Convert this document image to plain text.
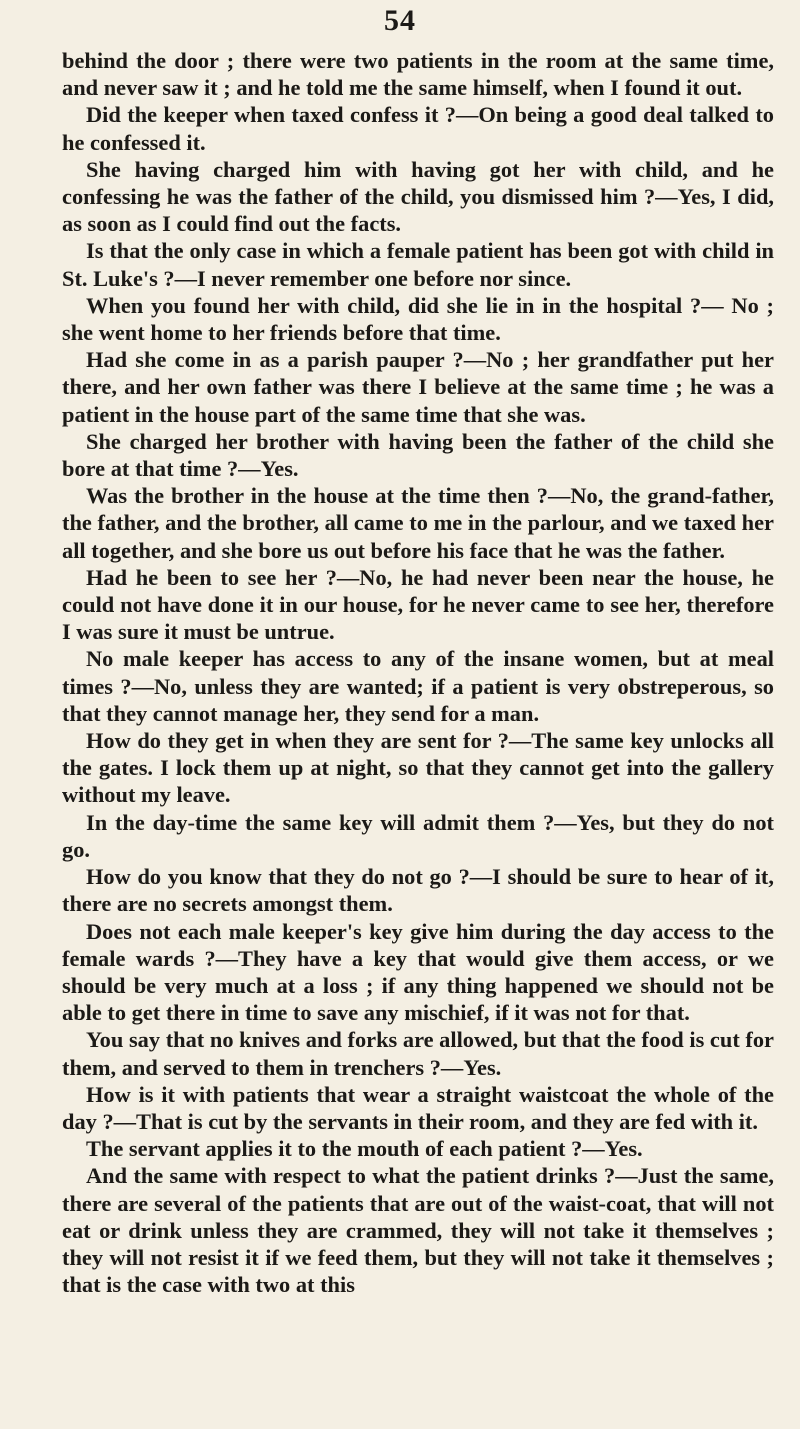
54

behind the door ; there were two patients in the room at the same time, and never saw it ; and he told me the same himself, when I found it out.

Did the keeper when taxed confess it ?—On being a good deal talked to he confessed it.

She having charged him with having got her with child, and he confessing he was the father of the child, you dismissed him ?—Yes, I did, as soon as I could find out the facts.

Is that the only case in which a female patient has been got with child in St. Luke's ?—I never remember one before nor since.

When you found her with child, did she lie in in the hospital ?— No ; she went home to her friends before that time.

Had she come in as a parish pauper ?—No ; her grandfather put her there, and her own father was there I believe at the same time ; he was a patient in the house part of the same time that she was.

She charged her brother with having been the father of the child she bore at that time ?—Yes.

Was the brother in the house at the time then ?—No, the grand-father, the father, and the brother, all came to me in the parlour, and we taxed her all together, and she bore us out before his face that he was the father.

Had he been to see her ?—No, he had never been near the house, he could not have done it in our house, for he never came to see her, therefore I was sure it must be untrue.

No male keeper has access to any of the insane women, but at meal times ?—No, unless they are wanted; if a patient is very obstreperous, so that they cannot manage her, they send for a man.

How do they get in when they are sent for ?—The same key unlocks all the gates. I lock them up at night, so that they cannot get into the gallery without my leave.

In the day-time the same key will admit them ?—Yes, but they do not go.

How do you know that they do not go ?—I should be sure to hear of it, there are no secrets amongst them.

Does not each male keeper's key give him during the day access to the female wards ?—They have a key that would give them access, or we should be very much at a loss ; if any thing happened we should not be able to get there in time to save any mischief, if it was not for that.

You say that no knives and forks are allowed, but that the food is cut for them, and served to them in trenchers ?—Yes.

How is it with patients that wear a straight waistcoat the whole of the day ?—That is cut by the servants in their room, and they are fed with it.

The servant applies it to the mouth of each patient ?—Yes.

And the same with respect to what the patient drinks ?—Just the same, there are several of the patients that are out of the waist-coat, that will not eat or drink unless they are crammed, they will not take it themselves ; they will not resist it if we feed them, but they will not take it themselves ; that is the case with two at this
